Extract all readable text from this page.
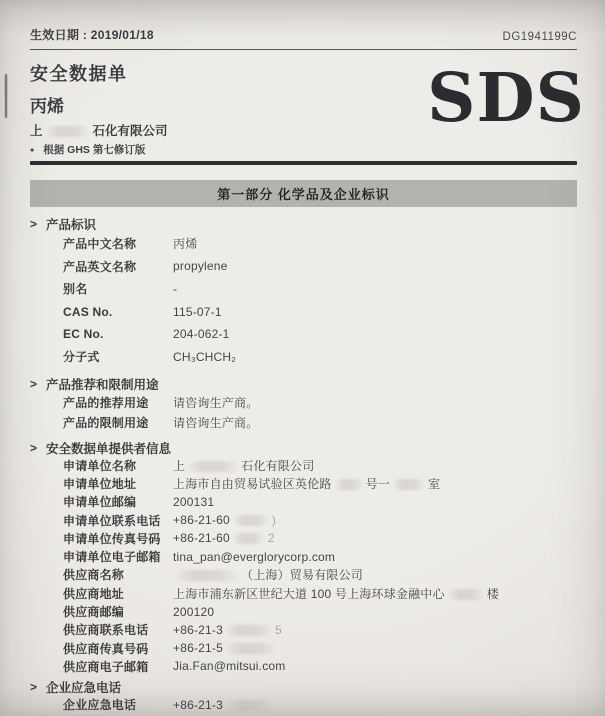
生效日期 : 2019/01/18	DG1941199C
安全数据单
丙烯
上	石化有限公司
● 根据 GHS 第七修订版
SDS
第一部分 化学品及企业标识
> 产品标识
产品中文名称	丙烯
产品英文名称	propylene
别名	-
CAS No.	115-07-1
EC No.	204-062-1
分子式	CH₃CHCH₂
> 产品推荐和限制用途
产品的推荐用途	请咨询生产商。
产品的限制用途	请咨询生产商。
> 安全数据单提供者信息
申请单位名称	上	石化有限公司
申请单位地址	上海市自由贸易试验区英伦路	号一	室
申请单位邮编	200131
申请单位联系电话	+86-21-60	)
申请单位传真号码	+86-21-60	2
申请单位电子邮箱	tina_pan@everglorycorp.com
供应商名称	（上海）贸易有限公司
供应商地址	上海市浦东新区世纪大道 100 号上海环球金融中心	楼
供应商邮编	200120
供应商联系电话	+86-21-3	5
供应商传真号码	+86-21-5
供应商电子邮箱	Jia.Fan@mitsui.com
> 企业应急电话
企业应急电话	+86-21-3
